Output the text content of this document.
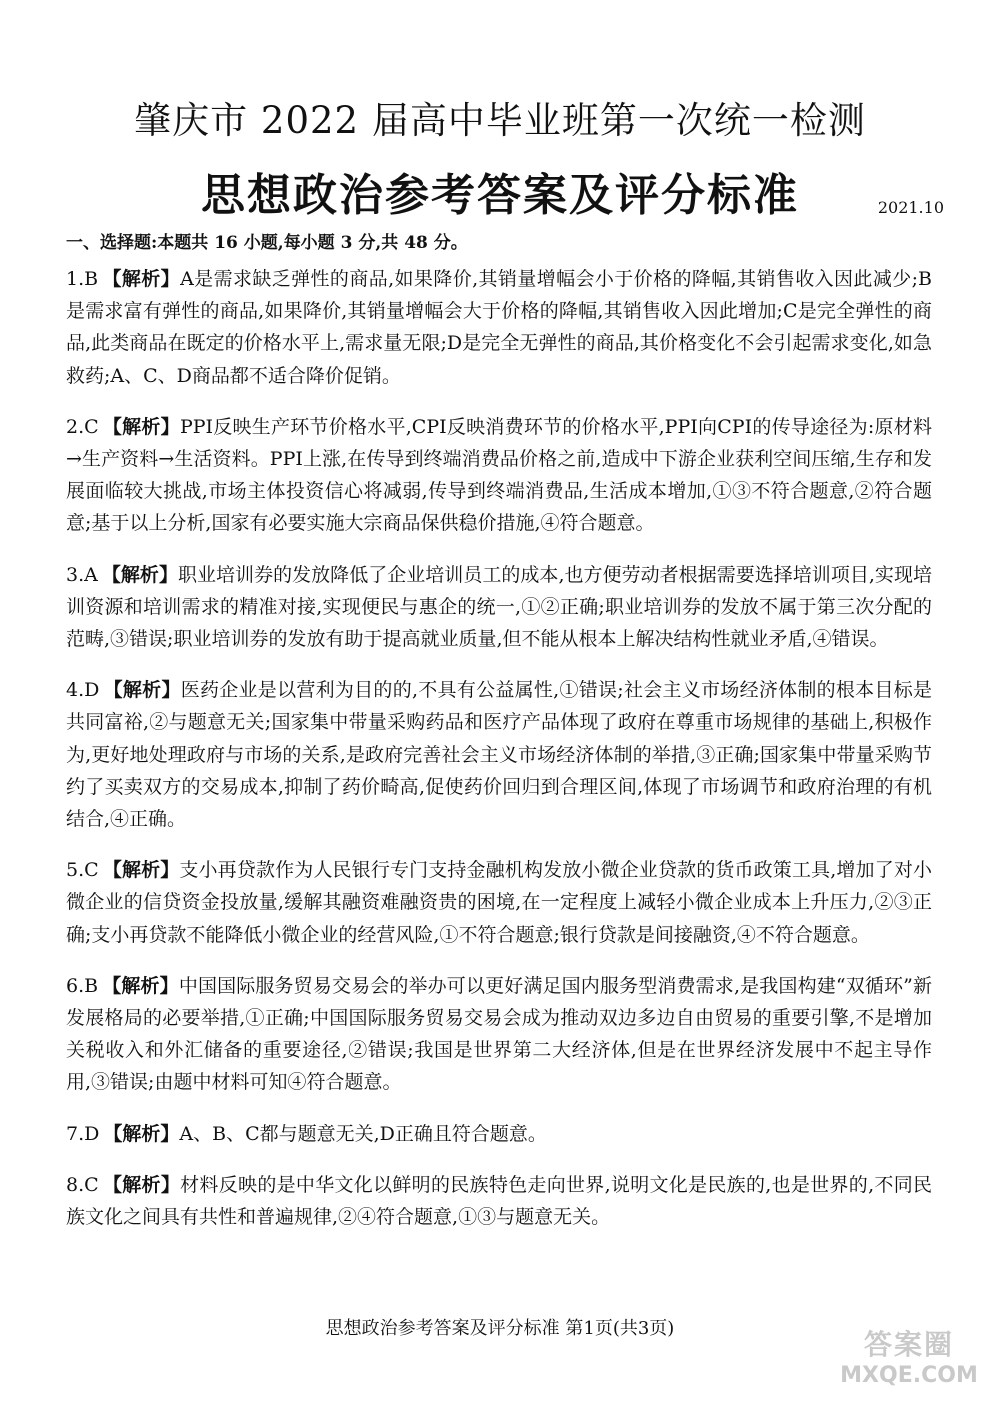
肇庆市 2022 届高中毕业班第一次统一检测
思想政治参考答案及评分标准	2021.10
一、选择题:本题共 16 小题,每小题 3 分,共 48 分。

1.B 【解析】A是需求缺乏弹性的商品,如果降价,其销量增幅会小于价格的降幅,其销售收入因此减少;B是需求富有弹性的商品,如果降价,其销量增幅会大于价格的降幅,其销售收入因此增加;C是完全弹性的商品,此类商品在既定的价格水平上,需求量无限;D是完全无弹性的商品,其价格变化不会引起需求变化,如急救药;A、C、D商品都不适合降价促销。

2.C 【解析】PPI反映生产环节价格水平,CPI反映消费环节的价格水平,PPI向CPI的传导途径为:原材料→生产资料→生活资料。PPI上涨,在传导到终端消费品价格之前,造成中下游企业获利空间压缩,生存和发展面临较大挑战,市场主体投资信心将减弱,传导到终端消费品,生活成本增加,①③不符合题意,②符合题意;基于以上分析,国家有必要实施大宗商品保供稳价措施,④符合题意。

3.A 【解析】职业培训券的发放降低了企业培训员工的成本,也方便劳动者根据需要选择培训项目,实现培训资源和培训需求的精准对接,实现便民与惠企的统一,①②正确;职业培训券的发放不属于第三次分配的范畴,③错误;职业培训券的发放有助于提高就业质量,但不能从根本上解决结构性就业矛盾,④错误。

4.D 【解析】医药企业是以营利为目的的,不具有公益属性,①错误;社会主义市场经济体制的根本目标是共同富裕,②与题意无关;国家集中带量采购药品和医疗产品体现了政府在尊重市场规律的基础上,积极作为,更好地处理政府与市场的关系,是政府完善社会主义市场经济体制的举措,③正确;国家集中带量采购节约了买卖双方的交易成本,抑制了药价畸高,促使药价回归到合理区间,体现了市场调节和政府治理的有机结合,④正确。

5.C 【解析】支小再贷款作为人民银行专门支持金融机构发放小微企业贷款的货币政策工具,增加了对小微企业的信贷资金投放量,缓解其融资难融资贵的困境,在一定程度上减轻小微企业成本上升压力,②③正确;支小再贷款不能降低小微企业的经营风险,①不符合题意;银行贷款是间接融资,④不符合题意。

6.B 【解析】中国国际服务贸易交易会的举办可以更好满足国内服务型消费需求,是我国构建“双循环”新发展格局的必要举措,①正确;中国国际服务贸易交易会成为推动双边多边自由贸易的重要引擎,不是增加关税收入和外汇储备的重要途径,②错误;我国是世界第二大经济体,但是在世界经济发展中不起主导作用,③错误;由题中材料可知④符合题意。

7.D 【解析】A、B、C都与题意无关,D正确且符合题意。

8.C 【解析】材料反映的是中华文化以鲜明的民族特色走向世界,说明文化是民族的,也是世界的,不同民族文化之间具有共性和普遍规律,②④符合题意,①③与题意无关。

思想政治参考答案及评分标准 第1页(共3页)	答案圈
MXQE.COM
